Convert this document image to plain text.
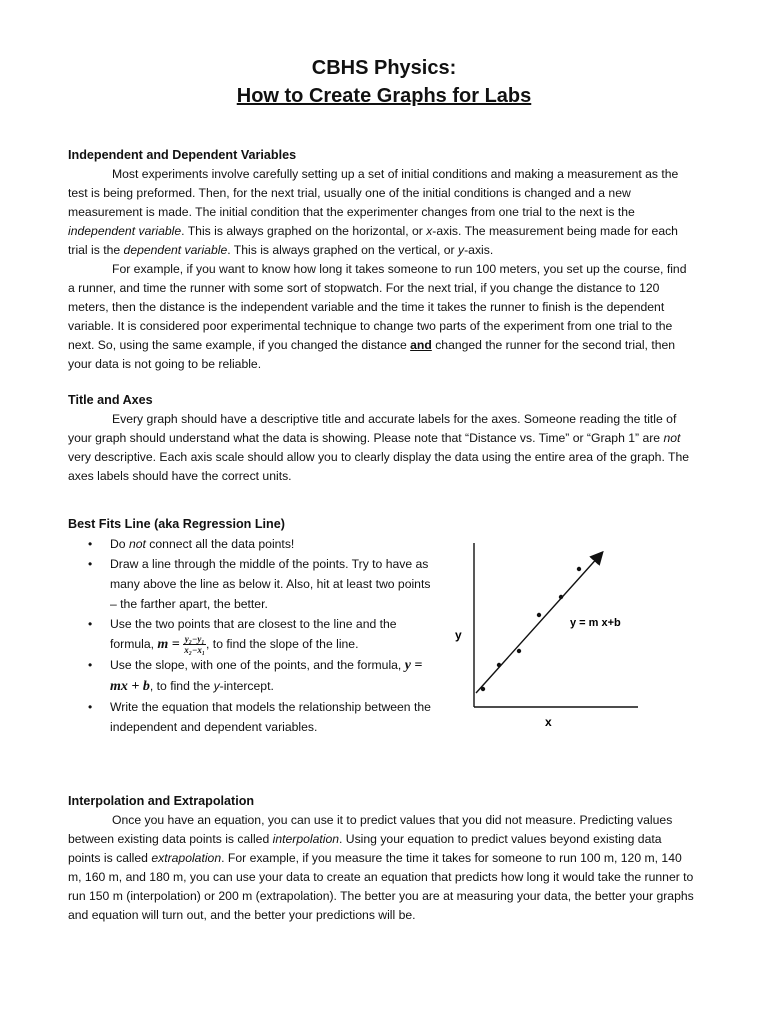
CBHS Physics:
How to Create Graphs for Labs
Independent and Dependent Variables

Most experiments involve carefully setting up a set of initial conditions and making a measurement as the test is being preformed. Then, for the next trial, usually one of the initial conditions is changed and a new measurement is made. The initial condition that the experimenter changes from one trial to the next is the independent variable. This is always graphed on the horizontal, or x-axis. The measurement being made for each trial is the dependent variable. This is always graphed on the vertical, or y-axis.

For example, if you want to know how long it takes someone to run 100 meters, you set up the course, find a runner, and time the runner with some sort of stopwatch. For the next trial, if you change the distance to 120 meters, then the distance is the independent variable and the time it takes the runner to finish is the dependent variable. It is considered poor experimental technique to change two parts of the experiment from one trial to the next. So, using the same example, if you changed the distance and changed the runner for the second trial, then your data is not going to be reliable.

Title and Axes

Every graph should have a descriptive title and accurate labels for the axes. Someone reading the title of your graph should understand what the data is showing. Please note that “Distance vs. Time” or “Graph 1” are not very descriptive. Each axis scale should allow you to clearly display the data using the entire area of the graph. The axes labels should have the correct units.

Best Fits Line (aka Regression Line)
• Do not connect all the data points!
• Draw a line through the middle of the points. Try to have as many above the line as below it. Also, hit at least two points – the farther apart, the better.
• Use the two points that are closest to the line and the formula, $m = \frac{\text{y₂−y₁}}{\text{x₂−x₁}}$ , to find the slope of the line.
• Use the slope, with one of the points, and the formula, y = mx + b, to find the y-intercept.
• Write the equation that models the relationship between the independent and dependent variables.
y
x
y = m x+b
Interpolation and Extrapolation

Once you have an equation, you can use it to predict values that you did not measure. Predicting values between existing data points is called interpolation. Using your equation to predict values beyond existing data points is called extrapolation. For example, if you measure the time it takes for someone to run 100 m, 120 m, 140 m, 160 m, and 180 m, you can use your data to create an equation that predicts how long it would take the runner to run 150 m (interpolation) or 200 m (extrapolation). The better you are at measuring your data, the better your graphs and equation will turn out, and the better your predictions will be.
